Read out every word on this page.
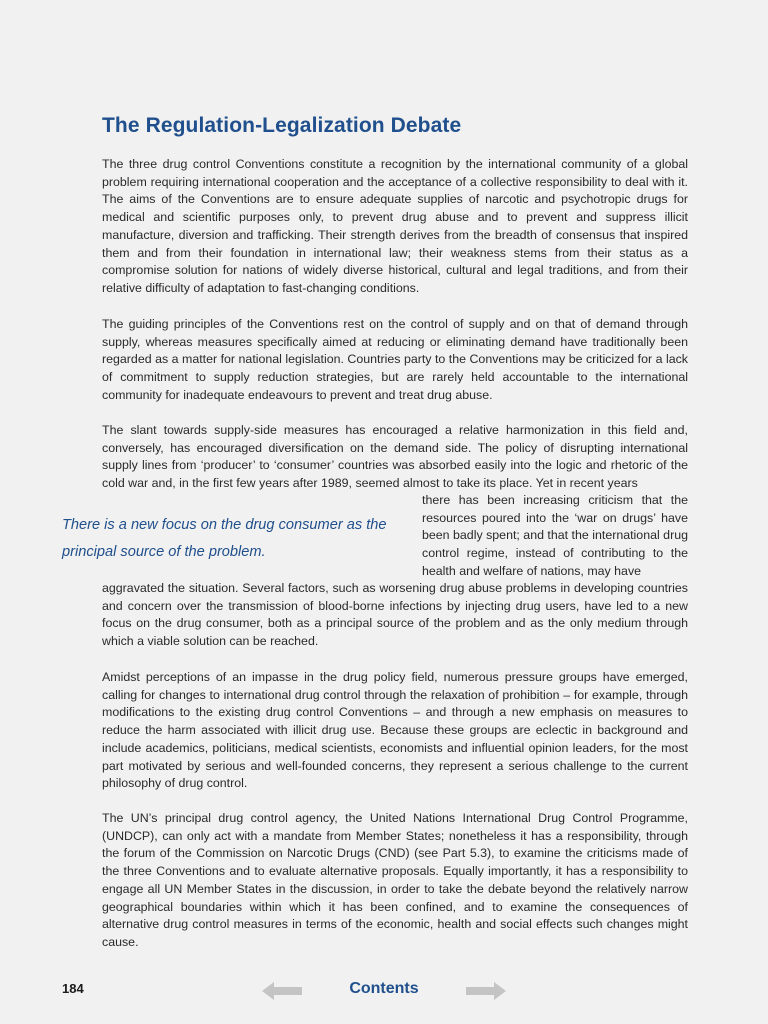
The Regulation-Legalization Debate

The three drug control Conventions constitute a recognition by the international community of a global problem requiring international cooperation and the acceptance of a collective responsibility to deal with it. The aims of the Conventions are to ensure adequate supplies of narcotic and psychotropic drugs for medical and scientific purposes only, to prevent drug abuse and to prevent and suppress illicit manufacture, diversion and trafficking. Their strength derives from the breadth of consensus that inspired them and from their foundation in international law; their weakness stems from their status as a compromise solution for nations of widely diverse historical, cultural and legal traditions, and from their relative difficulty of adaptation to fast-changing conditions.

The guiding principles of the Conventions rest on the control of supply and on that of demand through supply, whereas measures specifically aimed at reducing or eliminating demand have traditionally been regarded as a matter for national legislation. Countries party to the Conventions may be criticized for a lack of commitment to supply reduction strategies, but are rarely held accountable to the international community for inadequate endeavours to prevent and treat drug abuse.

The slant towards supply-side measures has encouraged a relative harmonization in this field and, conversely, has encouraged diversification on the demand side. The policy of disrupting international supply lines from ‘producer’ to ‘consumer’ countries was absorbed easily into the logic and rhetoric of the cold war and, in the first few years after 1989, seemed almost to take its place. Yet in recent years

there has been increasing criticism that the resources poured into the ‘war on drugs’ have been badly spent; and that the international drug control regime, instead of contributing to the health and welfare of nations, may have

aggravated the situation. Several factors, such as worsening drug abuse problems in developing countries and concern over the transmission of blood-borne infections by injecting drug users, have led to a new focus on the drug consumer, both as a principal source of the problem and as the only medium through which a viable solution can be reached.

There is a new focus on the drug consumer as the principal source of the problem.

Amidst perceptions of an impasse in the drug policy field, numerous pressure groups have emerged, calling for changes to international drug control through the relaxation of prohibition – for example, through modifications to the existing drug control Conventions – and through a new emphasis on measures to reduce the harm associated with illicit drug use. Because these groups are eclectic in background and include academics, politicians, medical scientists, economists and influential opinion leaders, for the most part motivated by serious and well-founded concerns, they represent a serious challenge to the current philosophy of drug control.

The UN’s principal drug control agency, the United Nations International Drug Control Programme, (UNDCP), can only act with a mandate from Member States; nonetheless it has a responsibility, through the forum of the Commission on Narcotic Drugs (CND) (see Part 5.3), to examine the criticisms made of the three Conventions and to evaluate alternative proposals. Equally importantly, it has a responsibility to engage all UN Member States in the discussion, in order to take the debate beyond the relatively narrow geographical boundaries within which it has been confined, and to examine the consequences of alternative drug control measures in terms of the economic, health and social effects such changes might cause.

184	Contents
